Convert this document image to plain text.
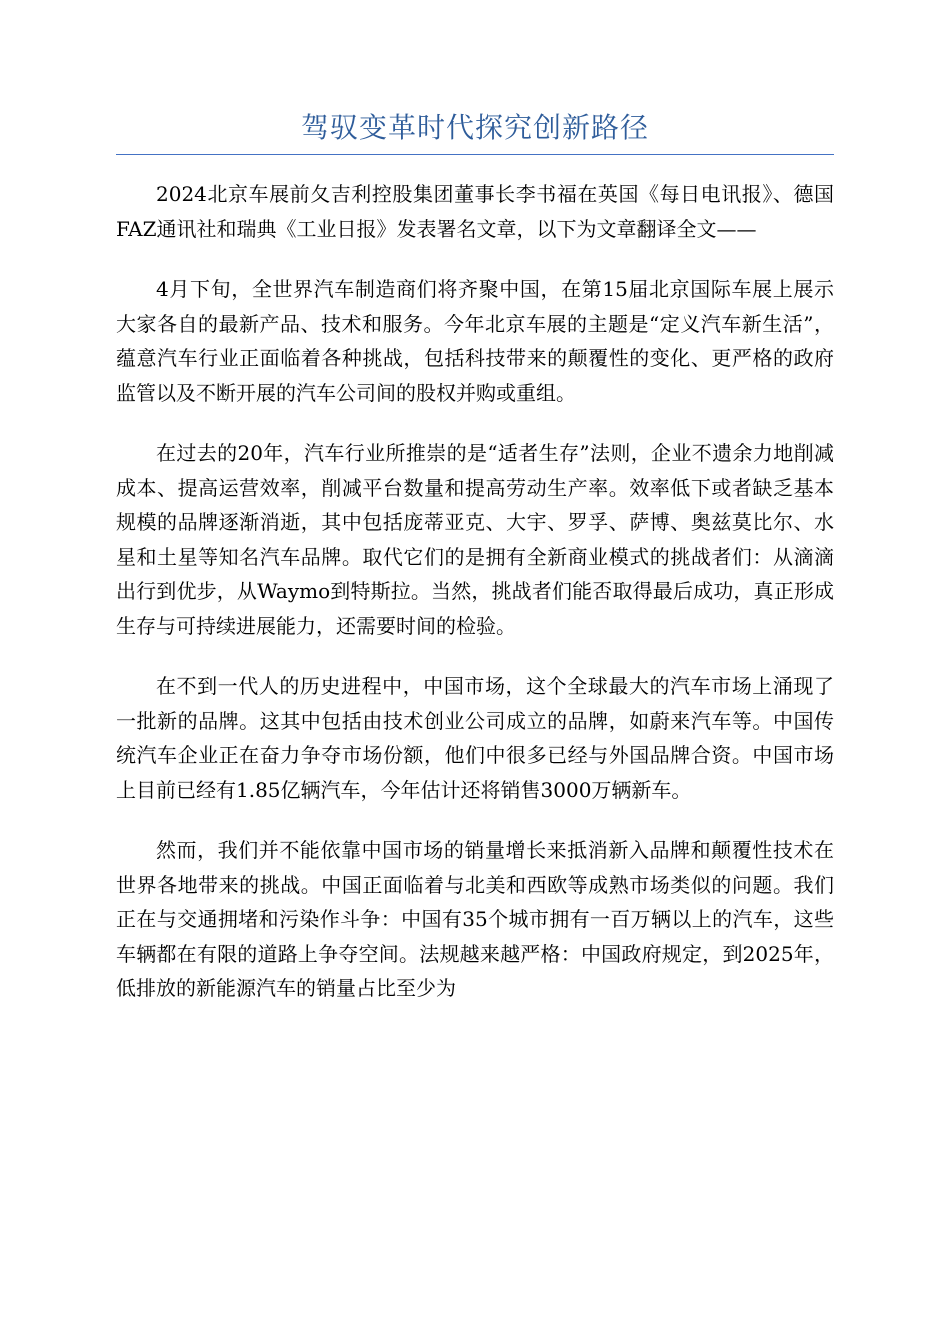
驾驭变革时代探究创新路径

2024北京车展前夂吉利控股集团董事长李书福在英国《每日电讯报》、德国FAZ通讯社和瑞典《工业日报》发表署名文章，以下为文章翻译全文——

4月下旬，全世界汽车制造商们将齐聚中国，在第15届北京国际车展上展示大家各自的最新产品、技术和服务。今年北京车展的主题是“定义汽车新生活”，蕴意汽车行业正面临着各种挑战，包括科技带来的颠覆性的变化、更严格的政府监管以及不断开展的汽车公司间的股权并购或重组。

在过去的20年，汽车行业所推崇的是“适者生存”法则，企业不遗余力地削减成本、提高运营效率，削减平台数量和提高劳动生产率。效率低下或者缺乏基本规模的品牌逐渐消逝，其中包括庞蒂亚克、大宇、罗孚、萨博、奥兹莫比尔、水星和土星等知名汽车品牌。取代它们的是拥有全新商业模式的挑战者们：从滴滴出行到优步，从Waymo到特斯拉。当然，挑战者们能否取得最后成功，真正形成生存与可持续进展能力，还需要时间的检验。

在不到一代人的历史进程中，中国市场，这个全球最大的汽车市场上涌现了一批新的品牌。这其中包括由技术创业公司成立的品牌，如蔚来汽车等。中国传统汽车企业正在奋力争夺市场份额，他们中很多已经与外国品牌合资。中国市场上目前已经有1.85亿辆汽车，今年估计还将销售3000万辆新车。

然而，我们并不能依靠中国市场的销量增长来抵消新入品牌和颠覆性技术在世界各地带来的挑战。中国正面临着与北美和西欧等成熟市场类似的问题。我们正在与交通拥堵和污染作斗争：中国有35个城市拥有一百万辆以上的汽车，这些车辆都在有限的道路上争夺空间。法规越来越严格：中国政府规定，到2025年，低排放的新能源汽车的销量占比至少为
